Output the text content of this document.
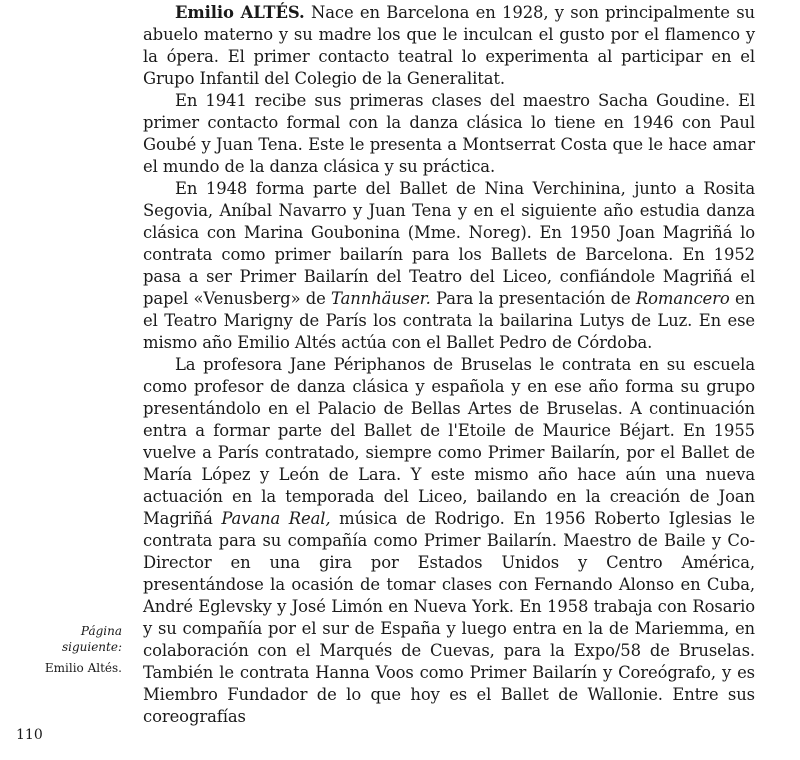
Emilio ALTÉS. Nace en Barcelona en 1928, y son principalmente su abuelo materno y su madre los que le inculcan el gusto por el flamenco y la ópera. El primer contacto teatral lo experimenta al participar en el Grupo Infantil del Colegio de la Generalitat.

En 1941 recibe sus primeras clases del maestro Sacha Goudine. El primer contacto formal con la danza clásica lo tiene en 1946 con Paul Goubé y Juan Tena. Este le presenta a Montserrat Costa que le hace amar el mundo de la danza clásica y su práctica.

En 1948 forma parte del Ballet de Nina Verchinina, junto a Rosita Segovia, Aníbal Navarro y Juan Tena y en el siguiente año estudia danza clásica con Marina Goubonina (Mme. Noreg). En 1950 Joan Magriñá lo contrata como primer bailarín para los Ballets de Barcelona. En 1952 pasa a ser Primer Bailarín del Teatro del Liceo, confiándole Magriñá el papel «Venusberg» de Tannhäuser. Para la presentación de Romancero en el Teatro Marigny de París los contrata la bailarina Lutys de Luz. En ese mismo año Emilio Altés actúa con el Ballet Pedro de Córdoba.

La profesora Jane Périphanos de Bruselas le contrata en su escuela como profesor de danza clásica y española y en ese año forma su grupo presentándolo en el Palacio de Bellas Artes de Bruselas. A continuación entra a formar parte del Ballet de l'Etoile de Maurice Béjart. En 1955 vuelve a París contratado, siempre como Primer Bailarín, por el Ballet de María López y León de Lara. Y este mismo año hace aún una nueva actuación en la temporada del Liceo, bailando en la creación de Joan Magriñá Pavana Real, música de Rodrigo. En 1956 Roberto Iglesias le contrata para su compañía como Primer Bailarín. Maestro de Baile y Co-Director en una gira por Estados Unidos y Centro América, presentándose la ocasión de tomar clases con Fernando Alonso en Cuba, André Eglevsky y José Limón en Nueva York. En 1958 trabaja con Rosario y su compañía por el sur de España y luego entra en la de Mariemma, en colaboración con el Marqués de Cuevas, para la Expo/58 de Bruselas. También le contrata Hanna Voos como Primer Bailarín y Coreógrafo, y es Miembro Fundador de lo que hoy es el Ballet de Wallonie. Entre sus coreografías

Página
siguiente:
Emilio Altés.
110
